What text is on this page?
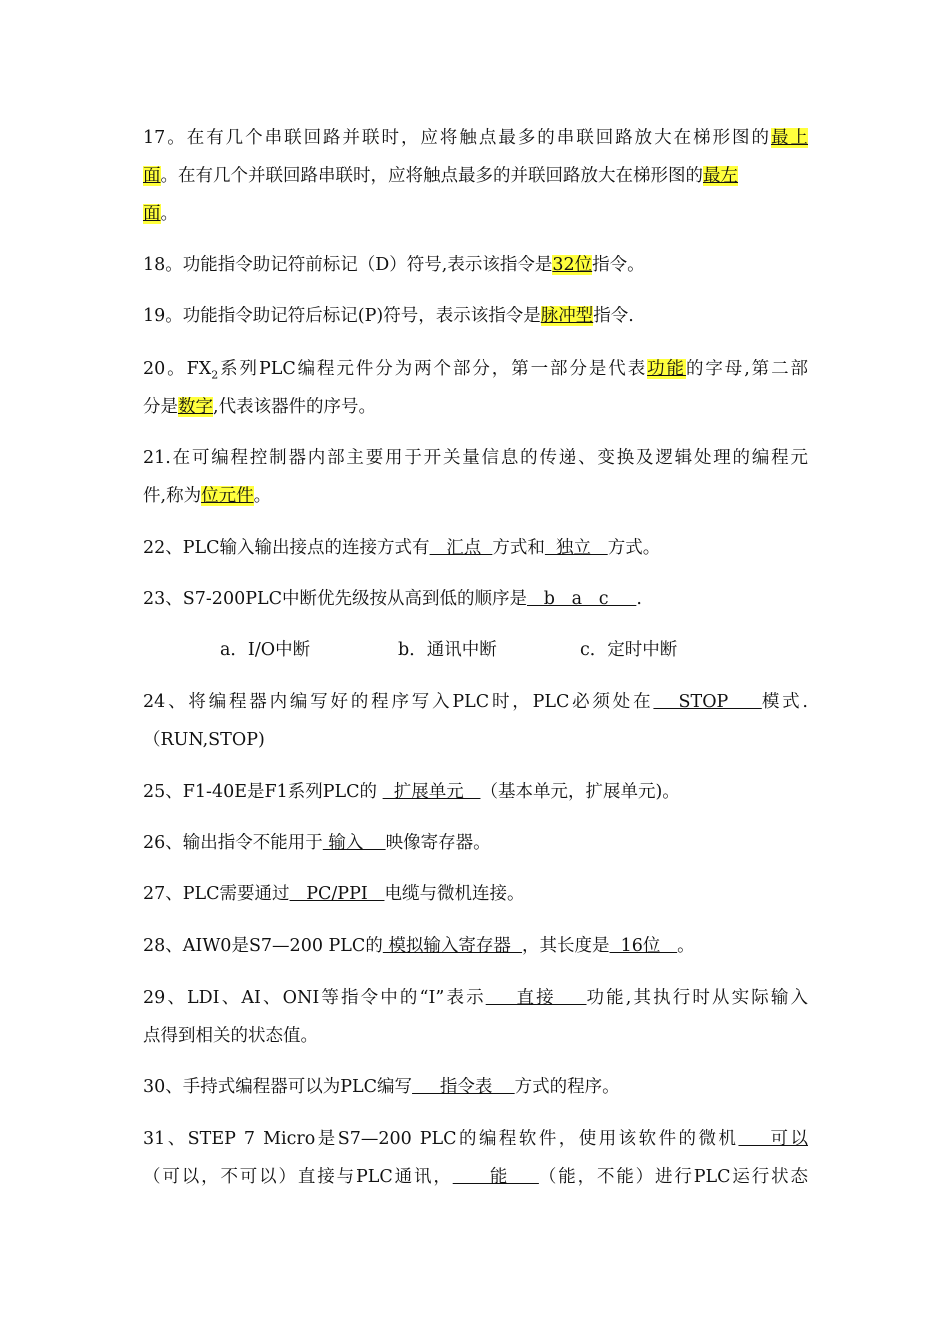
17。在有几个串联回路并联时，应将触点最多的串联回路放大在梯形图的最上
面。在有几个并联回路串联时，应将触点最多的并联回路放大在梯形图的最左
面。
18。功能指令助记符前标记（D）符号,表示该指令是32位指令。
19。功能指令助记符后标记(P)符号，表示该指令是脉冲型指令.
20。$FX_2$系列PLC编程元件分为两个部分，第一部分是代表功能的字母,第二部
分是数字,代表该器件的序号。
21.在可编程控制器内部主要用于开关量信息的传递、变换及逻辑处理的编程元
件,称为位元件。
22、PLC输入输出接点的连接方式有   汇点  方式和  独立   方式。
23、S7-200PLC中断优先级按从高到低的顺序是   b   a   c     .
a．I/O中断	b．通讯中断	c．定时中断
24、将编程器内编写好的程序写入PLC时，PLC必须处在   STOP    模式.
（RUN,STOP)
25、F1-40E是F1系列PLC的   扩展单元   （基本单元，扩展单元)。
26、输出指令不能用于 输入    映像寄存器。
27、PLC需要通过   PC/PPI   电缆与微机连接。
28、AIW0是S7—200 PLC的 模拟输入寄存器  ，其长度是  16位   。
29、LDI、AI、ONI等指令中的“I”表示    直接    功能,其执行时从实际输入
点得到相关的状态值。
30、手持式编程器可以为PLC编写     指令表    方式的程序。
31、STEP 7 Micro是S7—200 PLC的编程软件，使用该软件的微机    可以
（可以，不可以）直接与PLC通讯，     能    （能，不能）进行PLC运行状态
